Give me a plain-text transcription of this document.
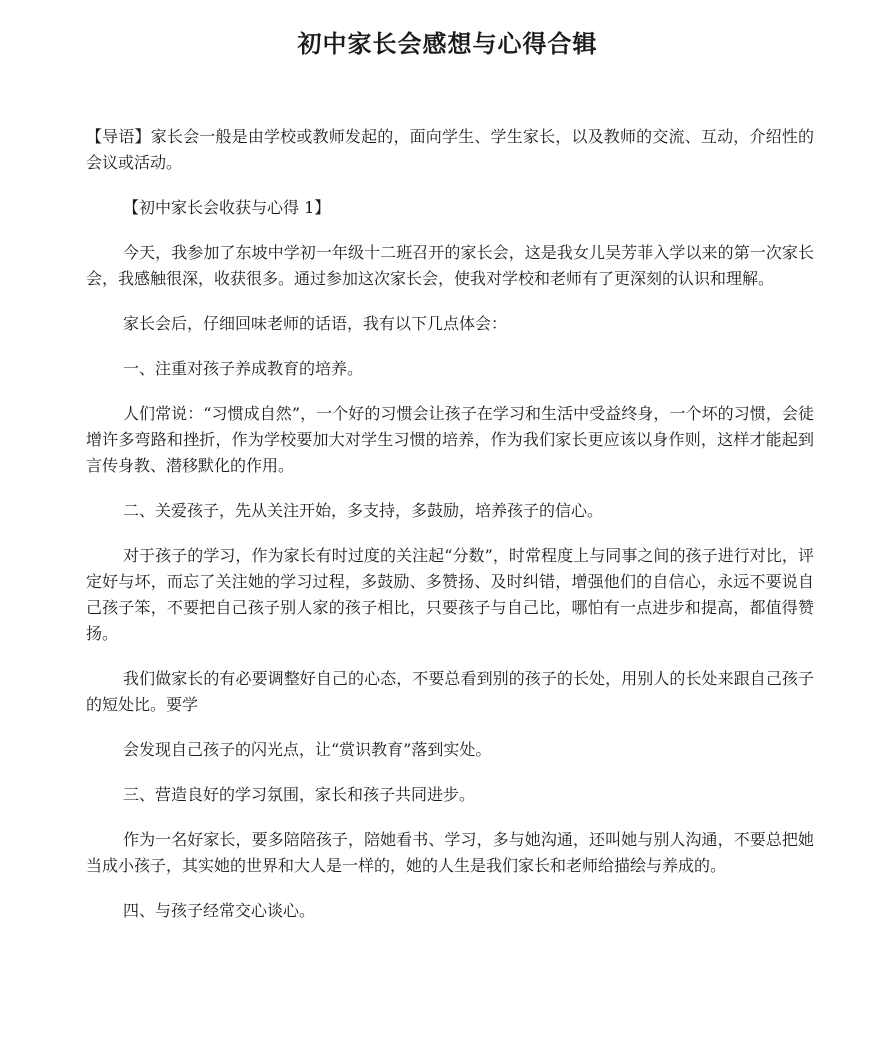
初中家长会感想与心得合辑

【导语】家长会一般是由学校或教师发起的，面向学生、学生家长，以及教师的交流、互动，介绍性的会议或活动。

【初中家长会收获与心得 1】

今天，我参加了东坡中学初一年级十二班召开的家长会，这是我女儿吴芳菲入学以来的第一次家长会，我感触很深，收获很多。通过参加这次家长会，使我对学校和老师有了更深刻的认识和理解。

家长会后，仔细回味老师的话语，我有以下几点体会：

一、注重对孩子养成教育的培养。

人们常说：“习惯成自然”，一个好的习惯会让孩子在学习和生活中受益终身，一个坏的习惯，会徒增许多弯路和挫折，作为学校要加大对学生习惯的培养，作为我们家长更应该以身作则，这样才能起到言传身教、潜移默化的作用。

二、关爱孩子，先从关注开始，多支持，多鼓励，培养孩子的信心。

对于孩子的学习，作为家长有时过度的关注起“分数”，时常程度上与同事之间的孩子进行对比，评定好与坏，而忘了关注她的学习过程，多鼓励、多赞扬、及时纠错，增强他们的自信心，永远不要说自己孩子笨，不要把自己孩子别人家的孩子相比，只要孩子与自己比，哪怕有一点进步和提高，都值得赞扬。

我们做家长的有必要调整好自己的心态，不要总看到别的孩子的长处，用别人的长处来跟自己孩子的短处比。要学

会发现自己孩子的闪光点，让“赏识教育”落到实处。

三、营造良好的学习氛围，家长和孩子共同进步。

作为一名好家长，要多陪陪孩子，陪她看书、学习，多与她沟通，还叫她与别人沟通，不要总把她当成小孩子，其实她的世界和大人是一样的，她的人生是我们家长和老师给描绘与养成的。

四、与孩子经常交心谈心。
